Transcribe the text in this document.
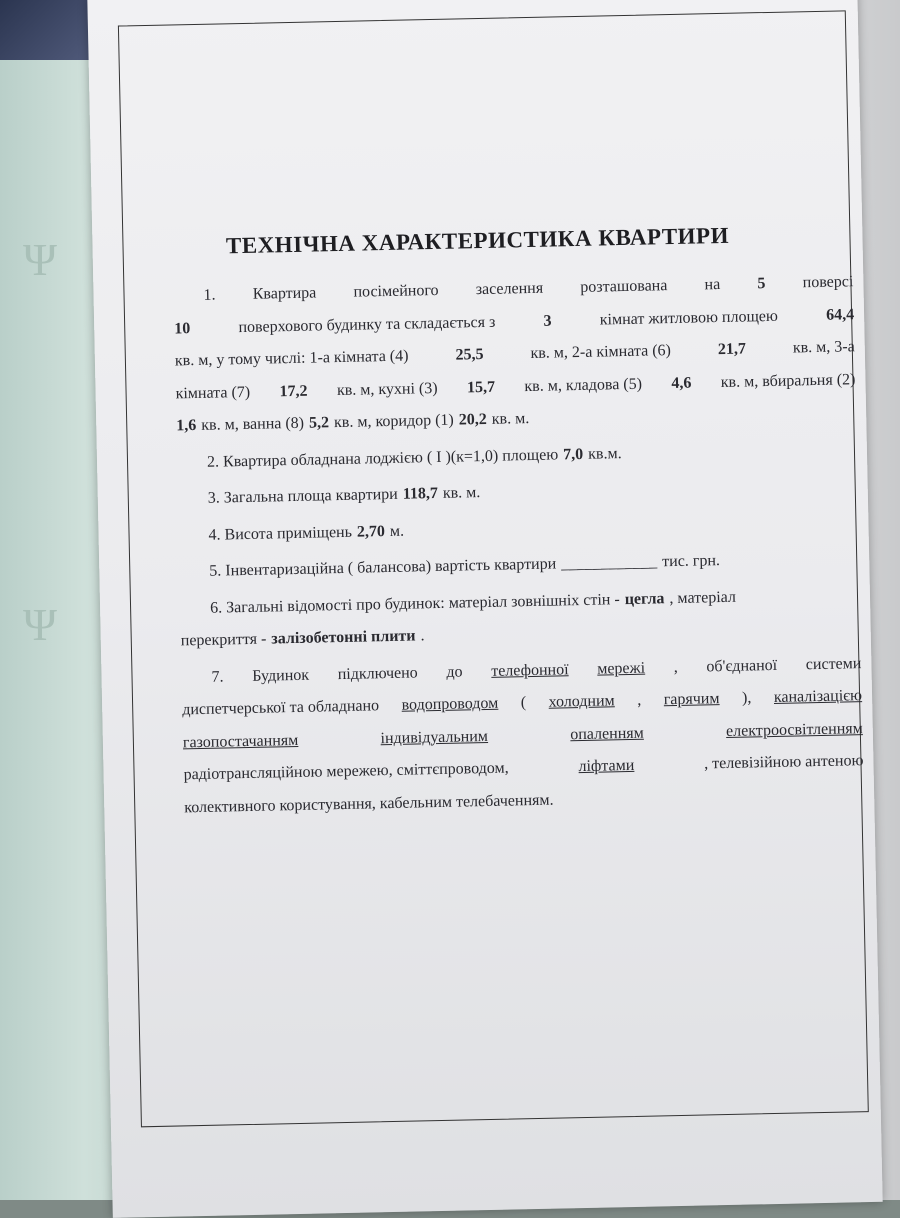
Ψ
Ψ
ТЕХНІЧНА ХАРАКТЕРИСТИКА КВАРТИРИ
1. Квартира посімейного заселення розташована на 5 поверсі
10	поверхового будинку та складається з	3	кімнат житловою площею	64,4
кв. м, у тому числі: 1-а кімната (4)	25,5	кв. м, 2-а кімната (6)	21,7	кв. м, 3-а
кімната (7) 17,2 кв. м, кухні (3) 15,7 кв. м, кладова (5) 4,6 кв. м, вбиральня (2)
1,6 кв. м, ванна (8) 5,2 кв. м, коридор (1) 20,2 кв. м.
2. Квартира обладнана лоджією ( І )(к=1,0) площею 7,0 кв.м.
3. Загальна площа квартири 118,7 кв. м.
4. Висота приміщень 2,70 м.
5. Інвентаризаційна ( балансова) вартість квартири ____________ тис. грн.
6. Загальні відомості про будинок: матеріал зовнішніх стін - цегла , матеріал
перекриття - залізобетонні плити .
7. Будинок підключено до телефонної мережі , об'єднаної системи
диспетчерської та обладнано водопроводом ( холодним , гарячим ), каналізацією
газопостачанням	індивідуальним	опаленням	електроосвітленням
радіотрансляційною мережею, сміттєпроводом,	ліфтами	, телевізійною антеною
колективного користування, кабельним телебаченням.
